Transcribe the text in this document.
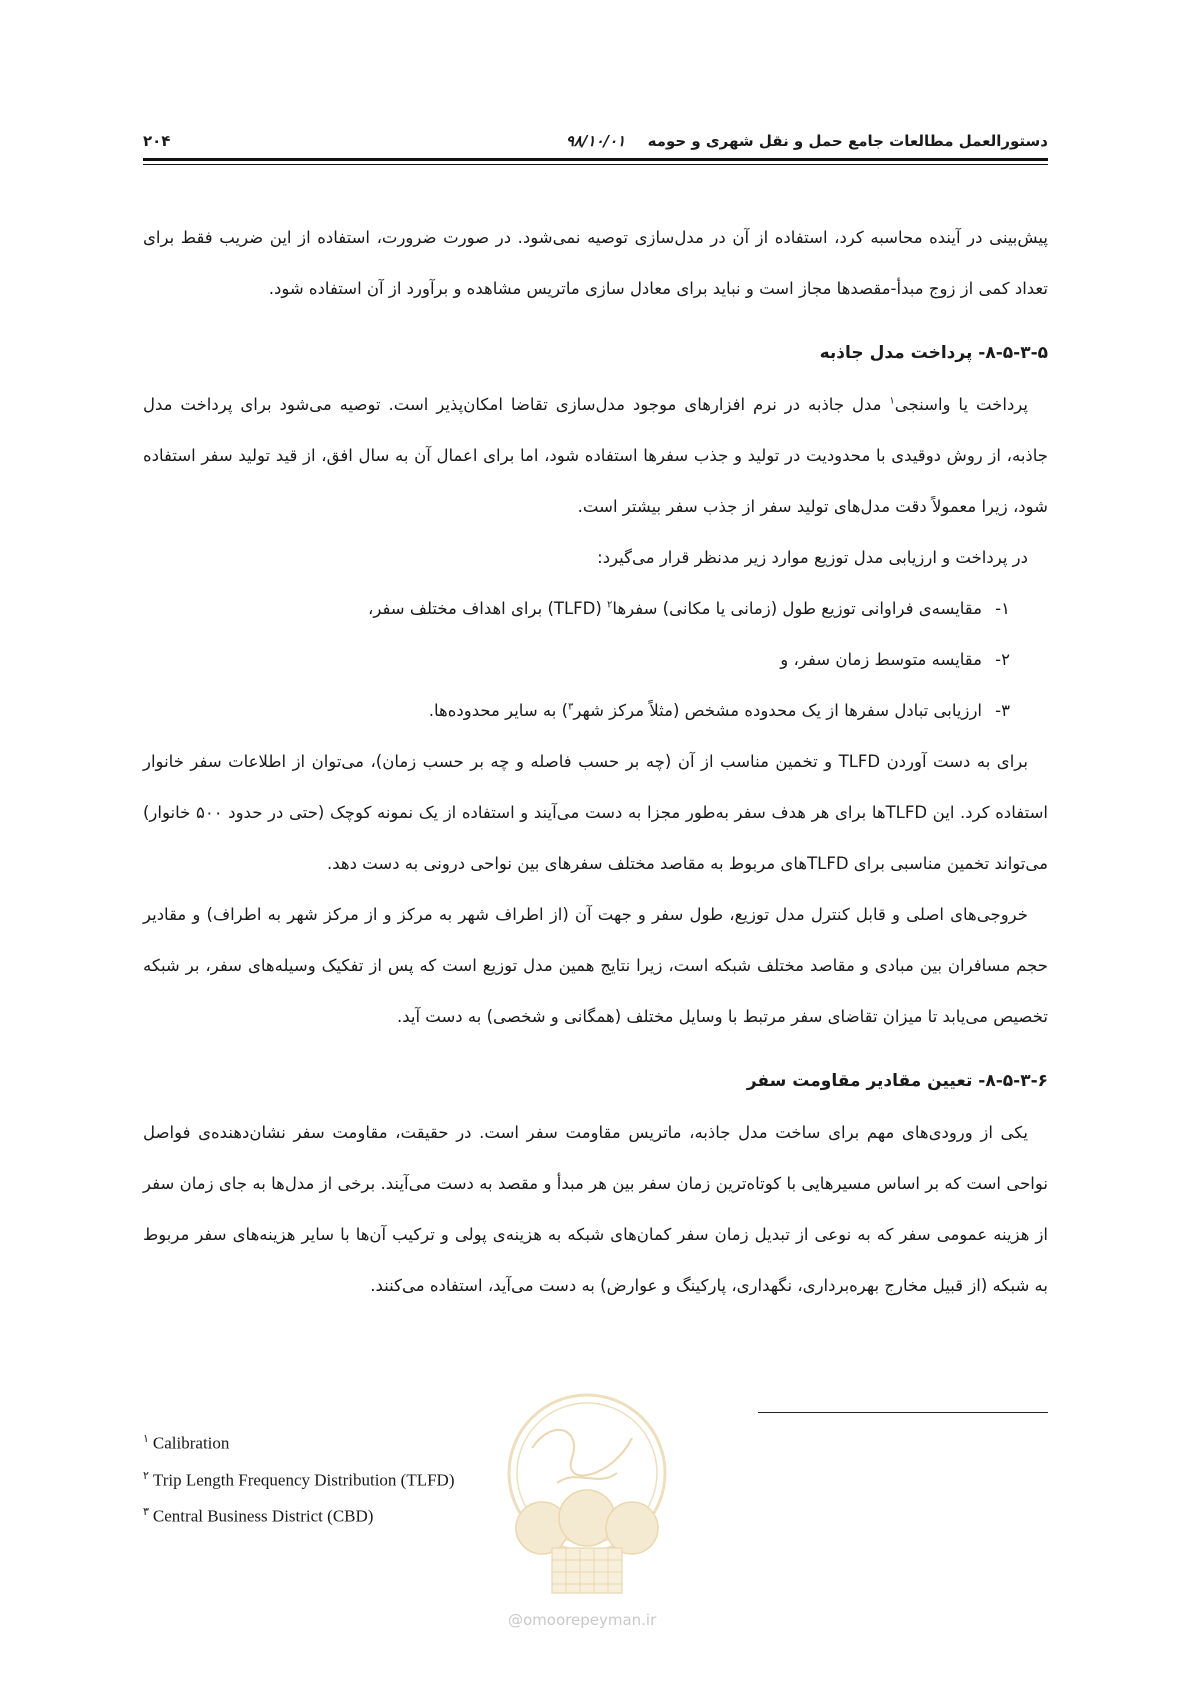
۲۰۴	۹۸/۱۰/۰۱	دستورالعمل مطالعات جامع حمل و نقل شهری و حومه

پیش‌بینی در آینده محاسبه کرد، استفاده از آن در مدل‌سازی توصیه نمی‌شود. در صورت ضرورت، استفاده از این ضریب فقط برای تعداد کمی از زوج مبدأ-مقصدها مجاز است و نباید برای معادل سازی ماتریس مشاهده و برآورد از آن استفاده شود.

۸-۵-۳-۵- پرداخت مدل جاذبه

پرداخت یا واسنجی$^۱$ مدل جاذبه در نرم افزارهای موجود مدل‌سازی تقاضا امکان‌پذیر است. توصیه می‌شود برای پرداخت مدل جاذبه، از روش دوقیدی با محدودیت در تولید و جذب سفرها استفاده شود، اما برای اعمال آن به سال افق، از قید تولید سفر استفاده شود، زیرا معمولاً دقت مدل‌های تولید سفر از جذب سفر بیشتر است.

در پرداخت و ارزیابی مدل توزیع موارد زیر مدنظر قرار می‌گیرد:

۱-مقایسه‌ی فراوانی توزیع طول (زمانی یا مکانی) سفرها$^۲$ (TLFD) برای اهداف مختلف سفر،
۲-مقایسه متوسط زمان سفر، و
۳-ارزیابی تبادل سفرها از یک محدوده مشخص (مثلاً مرکز شهر$^۳$) به سایر محدوده‌ها.

برای به دست آوردن TLFD و تخمین مناسب از آن (چه بر حسب فاصله و چه بر حسب زمان)، می‌توان از اطلاعات سفر خانوار استفاده کرد. این TLFDها برای هر هدف سفر به‌طور مجزا به دست می‌آیند و استفاده از یک نمونه کوچک (حتی در حدود ۵۰۰ خانوار) می‌تواند تخمین مناسبی برای TLFDهای مربوط به مقاصد مختلف سفرهای بین نواحی درونی به دست دهد.

خروجی‌های اصلی و قابل کنترل مدل توزیع، طول سفر و جهت آن (از اطراف شهر به مرکز و از مرکز شهر به اطراف) و مقادیر حجم مسافران بین مبادی و مقاصد مختلف شبکه است، زیرا نتایج همین مدل توزیع است که پس از تفکیک وسیله‌های سفر، بر شبکه تخصیص می‌یابد تا میزان تقاضای سفر مرتبط با وسایل مختلف (همگانی و شخصی) به دست آید.

۸-۵-۳-۶- تعیین مقادیر مقاومت سفر

یکی از ورودی‌های مهم برای ساخت مدل جاذبه، ماتریس مقاومت سفر است. در حقیقت، مقاومت سفر نشان‌دهنده‌ی فواصل نواحی است که بر اساس مسیرهایی با کوتاه‌ترین زمان سفر بین هر مبدأ و مقصد به دست می‌آیند. برخی از مدل‌ها به جای زمان سفر از هزینه عمومی سفر که به نوعی از تبدیل زمان سفر کمان‌های شبکه به هزینه‌ی پولی و ترکیب آن‌ها با سایر هزینه‌های سفر مربوط به شبکه (از قبیل مخارج بهره‌برداری، نگهداری، پارکینگ و عوارض) به دست می‌آید، استفاده می‌کنند.

@omoorepeyman.ir
$^۱$ Calibration
$^۲$ Trip Length Frequency Distribution (TLFD)
$^۳$ Central Business District (CBD)
